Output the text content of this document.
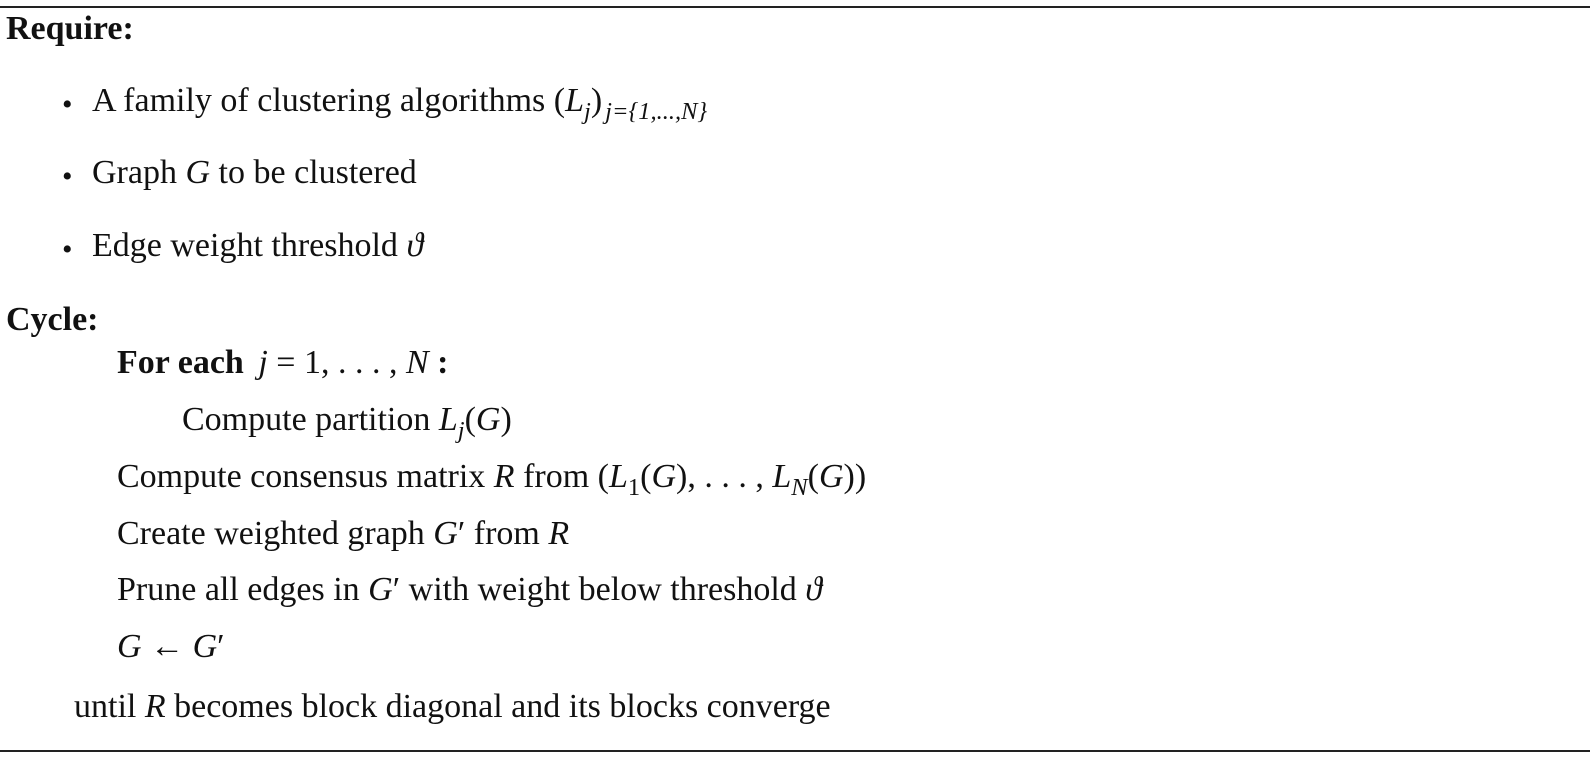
Require:
• A family of clustering algorithms $(L_j)$ $_{j=\{1,...,N\}}$
• Graph G to be clustered
• Edge weight threshold ϑ
Cycle:
For each j = 1, . . . , N :
Compute partition $L_j(G)$
Compute consensus matrix R from ($L_1(G)$, . . . , $L_N(G)$)
Create weighted graph G′ from R
Prune all edges in G′ with weight below threshold ϑ
G ← G′
until R becomes block diagonal and its blocks converge
